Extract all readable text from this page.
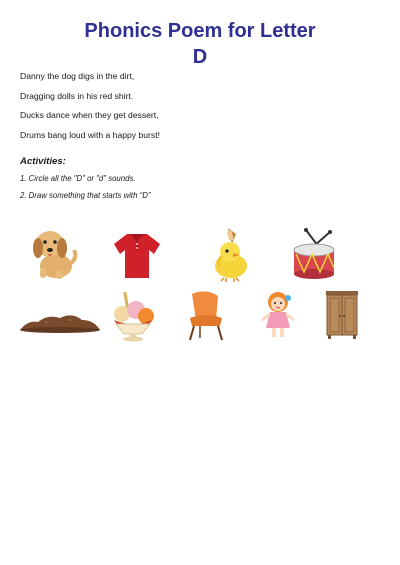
Phonics Poem for Letter
D
Danny the dog digs in the dirt,
Dragging dolls in his red shirt.
Ducks dance when they get dessert,
Drums bang loud with a happy burst!
Activities:
1. Circle all the "D" or "d" sounds.
2. Draw something that starts with “D”
